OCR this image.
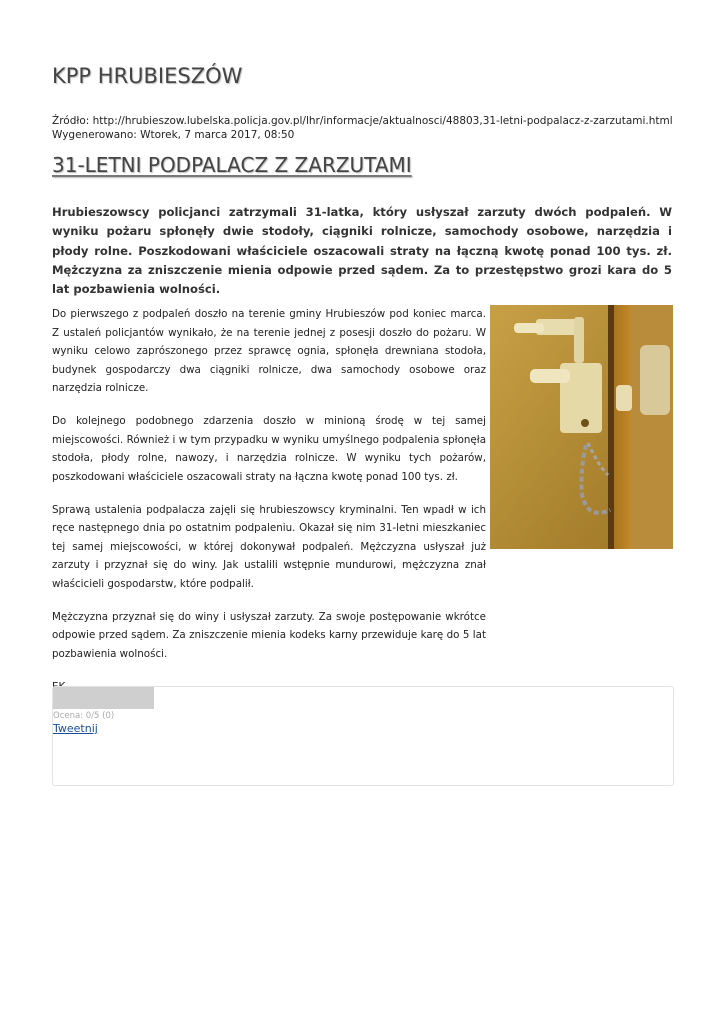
KPP HRUBIESZÓW
Źródło: http://hrubieszow.lubelska.policja.gov.pl/lhr/informacje/aktualnosci/48803,31-letni-podpalacz-z-zarzutami.html
Wygenerowano: Wtorek, 7 marca 2017, 08:50
31-LETNI PODPALACZ Z ZARZUTAMI

Hrubieszowscy policjanci zatrzymali 31-latka, który usłyszał zarzuty dwóch podpaleń. W wyniku pożaru spłonęły dwie stodoły, ciągniki rolnicze, samochody osobowe, narzędzia i płody rolne. Poszkodowani właściciele oszacowali straty na łączną kwotę ponad 100 tys. zł. Mężczyzna za zniszczenie mienia odpowie przed sądem. Za to przestępstwo grozi kara do 5 lat pozbawienia wolności.

Do pierwszego z podpaleń doszło na terenie gminy Hrubieszów pod koniec marca. Z ustaleń policjantów wynikało, że na terenie jednej z posesji doszło do pożaru. W wyniku celowo zaprószonego przez sprawcę ognia, spłonęła drewniana stodoła, budynek gospodarczy dwa ciągniki rolnicze, dwa samochody osobowe oraz narzędzia rolnicze.

Do kolejnego podobnego zdarzenia doszło w minioną środę w tej samej miejscowości. Również i w tym przypadku w wyniku umyślnego podpalenia spłonęła stodoła, płody rolne, nawozy, i narzędzia rolnicze. W wyniku tych pożarów, poszkodowani właściciele oszacowali straty na łączna kwotę ponad 100 tys. zł.

Sprawą ustalenia podpalacza zajęli się hrubieszowscy kryminalni. Ten wpadł w ich ręce następnego dnia po ostatnim podpaleniu. Okazał się nim 31-letni mieszkaniec tej samej miejscowości, w której dokonywał podpaleń. Mężczyzna usłyszał już zarzuty i przyznał się do winy. Jak ustalili wstępnie mundurowi, mężczyzna znał właścicieli gospodarstw, które podpalił.

Mężczyzna przyznał się do winy i usłyszał zarzuty. Za swoje postępowanie wkrótce odpowie przed sądem. Za zniszczenie mienia kodeks karny przewiduje karę do 5 lat pozbawienia wolności.

Ocena: 0/5 (0)
Tweetnij
